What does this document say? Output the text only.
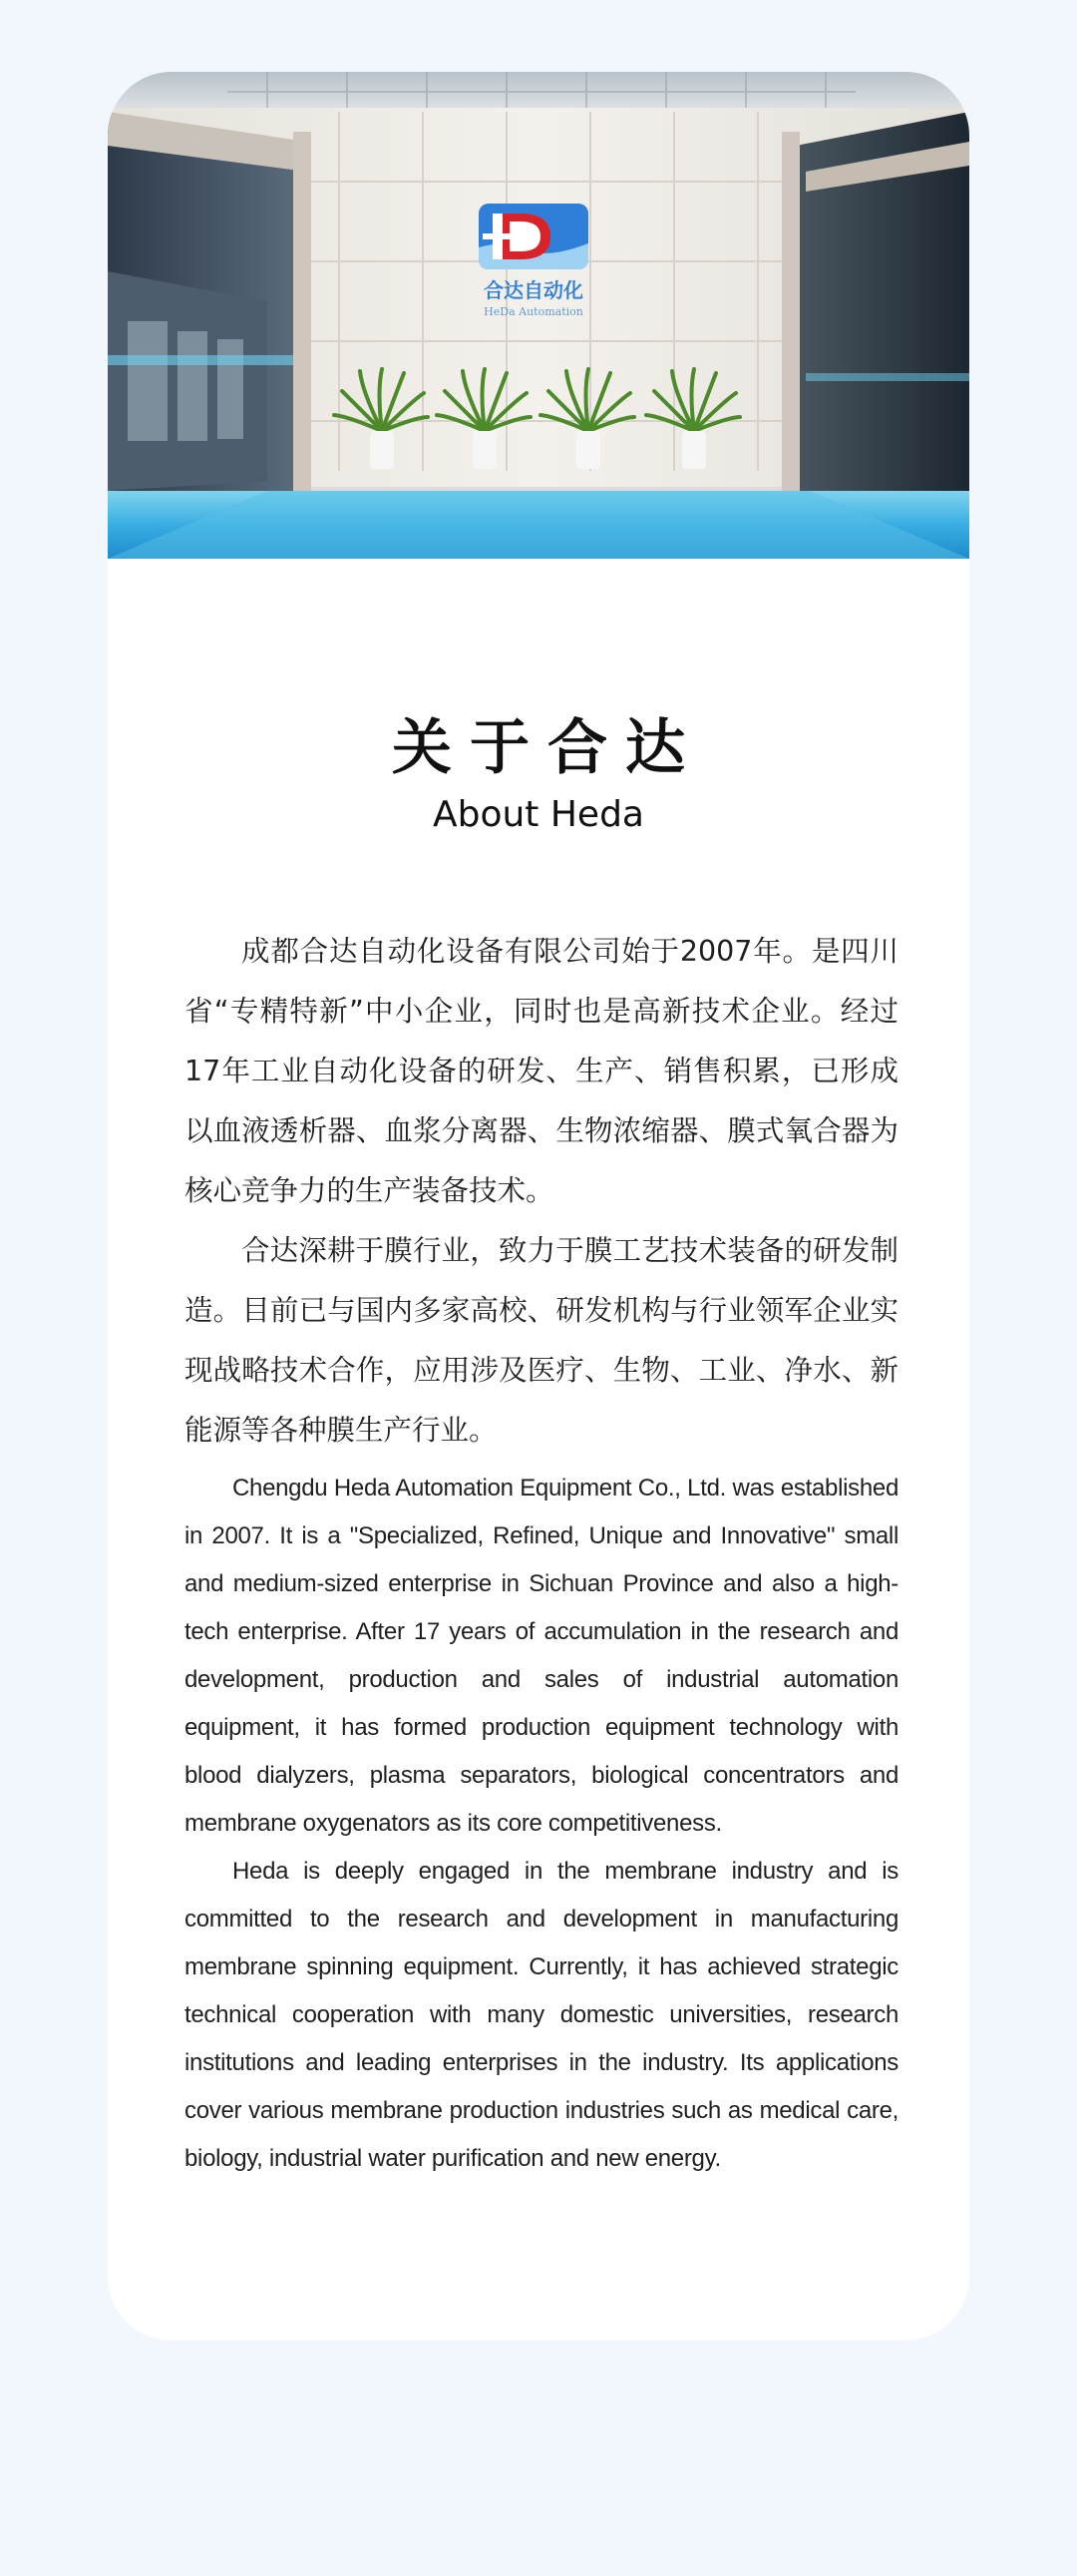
合达自动化
HeDa Automation
关于合达
About Heda

成都合达自动化设备有限公司始于2007年。是四川省“专精特新”中小企业，同时也是高新技术企业。经过17年工业自动化设备的研发、生产、销售积累，已形成以血液透析器、血浆分离器、生物浓缩器、膜式氧合器为核心竞争力的生产装备技术。

合达深耕于膜行业，致力于膜工艺技术装备的研发制造。目前已与国内多家高校、研发机构与行业领军企业实现战略技术合作，应用涉及医疗、生物、工业、净水、新能源等各种膜生产行业。

Chengdu Heda Automation Equipment Co., Ltd. was established in 2007. It is a "Specialized, Refined, Unique and Innovative" small and medium-sized enterprise in Sichuan Province and also a high-tech enterprise. After 17 years of accumulation in the research and development, production and sales of industrial automation equipment, it has formed production equipment technology with blood dialyzers, plasma separators, biological concentrators and membrane oxygenators as its core competitiveness.

Heda is deeply engaged in the membrane industry and is committed to the research and development in manufacturing membrane spinning equipment. Currently, it has achieved strategic technical cooperation with many domestic universities, research institutions and leading enterprises in the industry. Its applications cover various membrane production industries such as medical care, biology, industrial water purification and new energy.
